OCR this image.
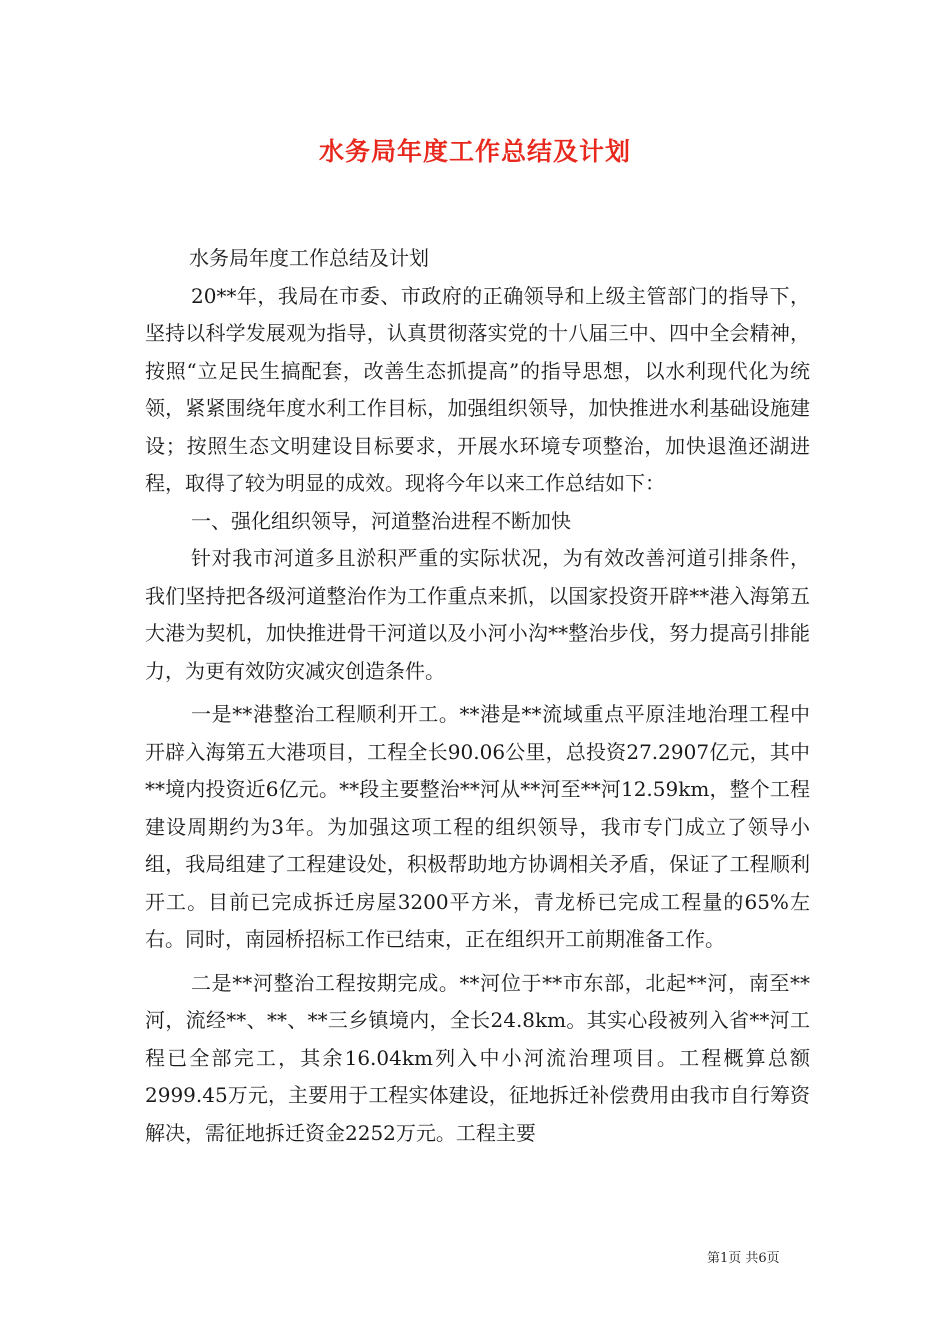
水务局年度工作总结及计划

水务局年度工作总结及计划

20**年，我局在市委、市政府的正确领导和上级主管部门的指导下，坚持以科学发展观为指导，认真贯彻落实党的十八届三中、四中全会精神，按照“立足民生搞配套，改善生态抓提高”的指导思想，以水利现代化为统领，紧紧围绕年度水利工作目标，加强组织领导，加快推进水利基础设施建设；按照生态文明建设目标要求，开展水环境专项整治，加快退渔还湖进程，取得了较为明显的成效。现将今年以来工作总结如下：

一、强化组织领导，河道整治进程不断加快

针对我市河道多且淤积严重的实际状况，为有效改善河道引排条件，我们坚持把各级河道整治作为工作重点来抓，以国家投资开辟**港入海第五大港为契机，加快推进骨干河道以及小河小沟**整治步伐，努力提高引排能力，为更有效防灾减灾创造条件。

一是**港整治工程顺利开工。**港是**流域重点平原洼地治理工程中开辟入海第五大港项目，工程全长90.06公里，总投资27.2907亿元，其中**境内投资近6亿元。**段主要整治**河从**河至**河12.59km，整个工程建设周期约为3年。为加强这项工程的组织领导，我市专门成立了领导小组，我局组建了工程建设处，积极帮助地方协调相关矛盾，保证了工程顺利开工。目前已完成拆迁房屋3200平方米，青龙桥已完成工程量的65%左右。同时，南园桥招标工作已结束，正在组织开工前期准备工作。

二是**河整治工程按期完成。**河位于**市东部，北起**河，南至**河，流经**、**、**三乡镇境内，全长24.8km。其实心段被列入省**河工程已全部完工，其余16.04km列入中小河流治理项目。工程概算总额2999.45万元，主要用于工程实体建设，征地拆迁补偿费用由我市自行筹资解决，需征地拆迁资金2252万元。工程主要

第1页 共6页
